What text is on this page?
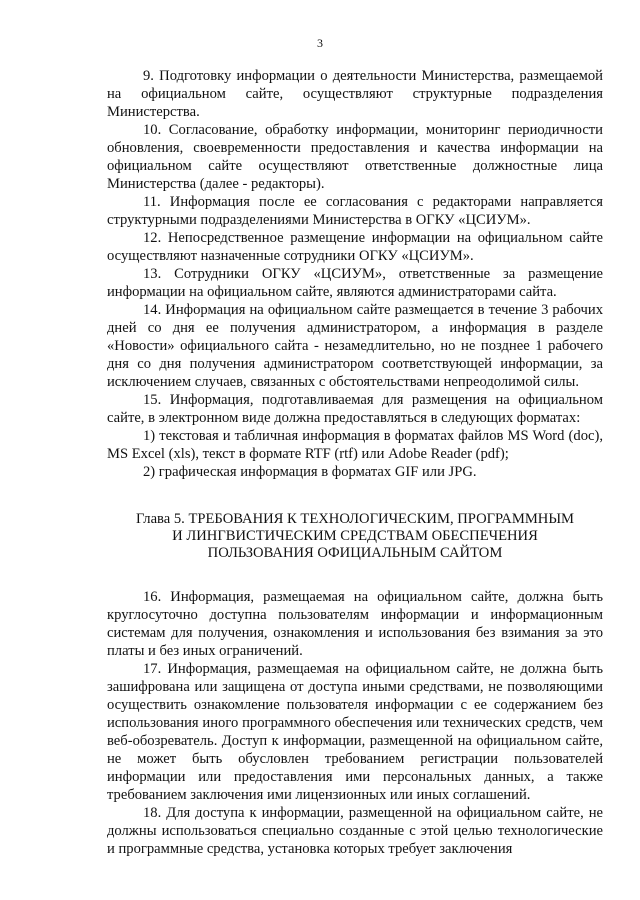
3

9. Подготовку информации о деятельности Министерства, размещаемой на официальном сайте, осуществляют структурные подразделения Министерства.

10. Согласование, обработку информации, мониторинг периодичности обновления, своевременности предоставления и качества информации на официальном сайте осуществляют ответственные должностные лица Министерства (далее - редакторы).

11. Информация после ее согласования с редакторами направляется структурными подразделениями Министерства в ОГКУ «ЦСИУМ».

12. Непосредственное размещение информации на официальном сайте осуществляют назначенные сотрудники ОГКУ «ЦСИУМ».

13. Сотрудники ОГКУ «ЦСИУМ», ответственные за размещение информации на официальном сайте, являются администраторами сайта.

14. Информация на официальном сайте размещается в течение 3 рабочих дней со дня ее получения администратором, а информация в разделе «Новости» официального сайта - незамедлительно, но не позднее 1 рабочего дня со дня получения администратором соответствующей информации, за исключением случаев, связанных с обстоятельствами непреодолимой силы.

15. Информация, подготавливаемая для размещения на официальном сайте, в электронном виде должна предоставляться в следующих форматах:

1) текстовая и табличная информация в форматах файлов MS Word (doc), MS Excel (xls), текст в формате RTF (rtf) или Adobe Reader (pdf);

2) графическая информация в форматах GIF или JPG.

Глава 5. ТРЕБОВАНИЯ К ТЕХНОЛОГИЧЕСКИМ, ПРОГРАММНЫМ
И ЛИНГВИСТИЧЕСКИМ СРЕДСТВАМ ОБЕСПЕЧЕНИЯ
ПОЛЬЗОВАНИЯ ОФИЦИАЛЬНЫМ САЙТОМ

16. Информация, размещаемая на официальном сайте, должна быть круглосуточно доступна пользователям информации и информационным системам для получения, ознакомления и использования без взимания за это платы и без иных ограничений.

17. Информация, размещаемая на официальном сайте, не должна быть зашифрована или защищена от доступа иными средствами, не позволяющими осуществить ознакомление пользователя информации с ее содержанием без использования иного программного обеспечения или технических средств, чем веб-обозреватель. Доступ к информации, размещенной на официальном сайте, не может быть обусловлен требованием регистрации пользователей информации или предоставления ими персональных данных, а также требованием заключения ими лицензионных или иных соглашений.

18. Для доступа к информации, размещенной на официальном сайте, не должны использоваться специально созданные с этой целью технологические и программные средства, установка которых требует заключения
